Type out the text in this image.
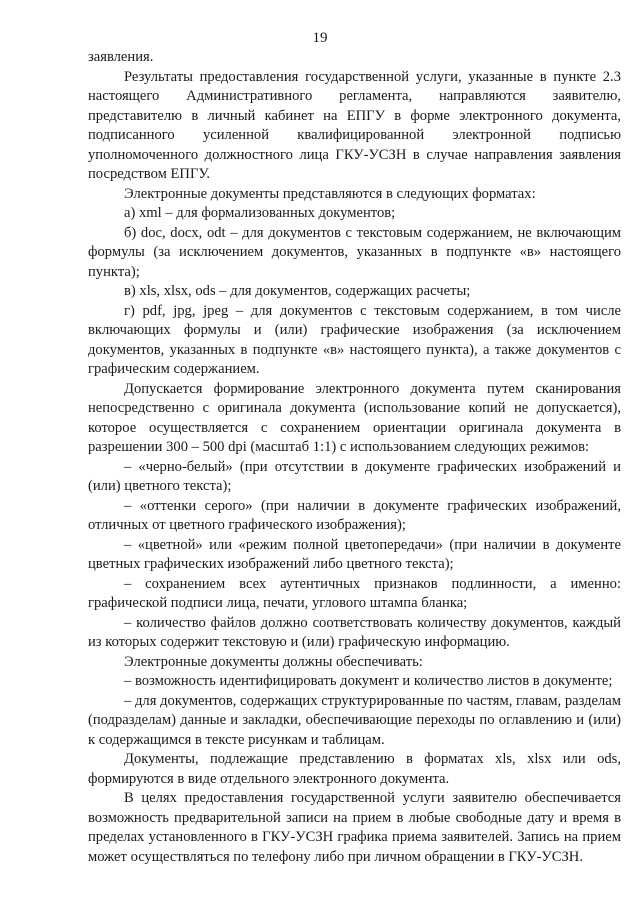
19

заявления.

Результаты предоставления государственной услуги, указанные в пункте 2.3 настоящего Административного регламента, направляются заявителю, представителю в личный кабинет на ЕПГУ в форме электронного документа, подписанного усиленной квалифицированной электронной подписью уполномоченного должностного лица ГКУ-УСЗН в случае направления заявления посредством ЕПГУ.

Электронные документы представляются в следующих форматах:

а) xml – для формализованных документов;

б) doc, docx, odt – для документов с текстовым содержанием, не включающим формулы (за исключением документов, указанных в подпункте «в» настоящего пункта);

в) xls, xlsx, ods – для документов, содержащих расчеты;

г) pdf, jpg, jpeg – для документов с текстовым содержанием, в том числе включающих формулы и (или) графические изображения (за исключением документов, указанных в подпункте «в» настоящего пункта), а также документов с графическим содержанием.

Допускается формирование электронного документа путем сканирования непосредственно с оригинала документа (использование копий не допускается), которое осуществляется с сохранением ориентации оригинала документа в разрешении 300 – 500 dpi (масштаб 1:1) с использованием следующих режимов:

– «черно-белый» (при отсутствии в документе графических изображений и (или) цветного текста);

– «оттенки серого» (при наличии в документе графических изображений, отличных от цветного графического изображения);

– «цветной» или «режим полной цветопередачи» (при наличии в документе цветных графических изображений либо цветного текста);

– сохранением всех аутентичных признаков подлинности, а именно: графической подписи лица, печати, углового штампа бланка;

– количество файлов должно соответствовать количеству документов, каждый из которых содержит текстовую и (или) графическую информацию.

Электронные документы должны обеспечивать:

– возможность идентифицировать документ и количество листов в документе;

– для документов, содержащих структурированные по частям, главам, разделам (подразделам) данные и закладки, обеспечивающие переходы по оглавлению и (или) к содержащимся в тексте рисункам и таблицам.

Документы, подлежащие представлению в форматах xls, xlsx или ods, формируются в виде отдельного электронного документа.

В целях предоставления государственной услуги заявителю обеспечивается возможность предварительной записи на прием в любые свободные дату и время в пределах установленного в ГКУ-УСЗН графика приема заявителей. Запись на прием может осуществляться по телефону либо при личном обращении в ГКУ-УСЗН.
